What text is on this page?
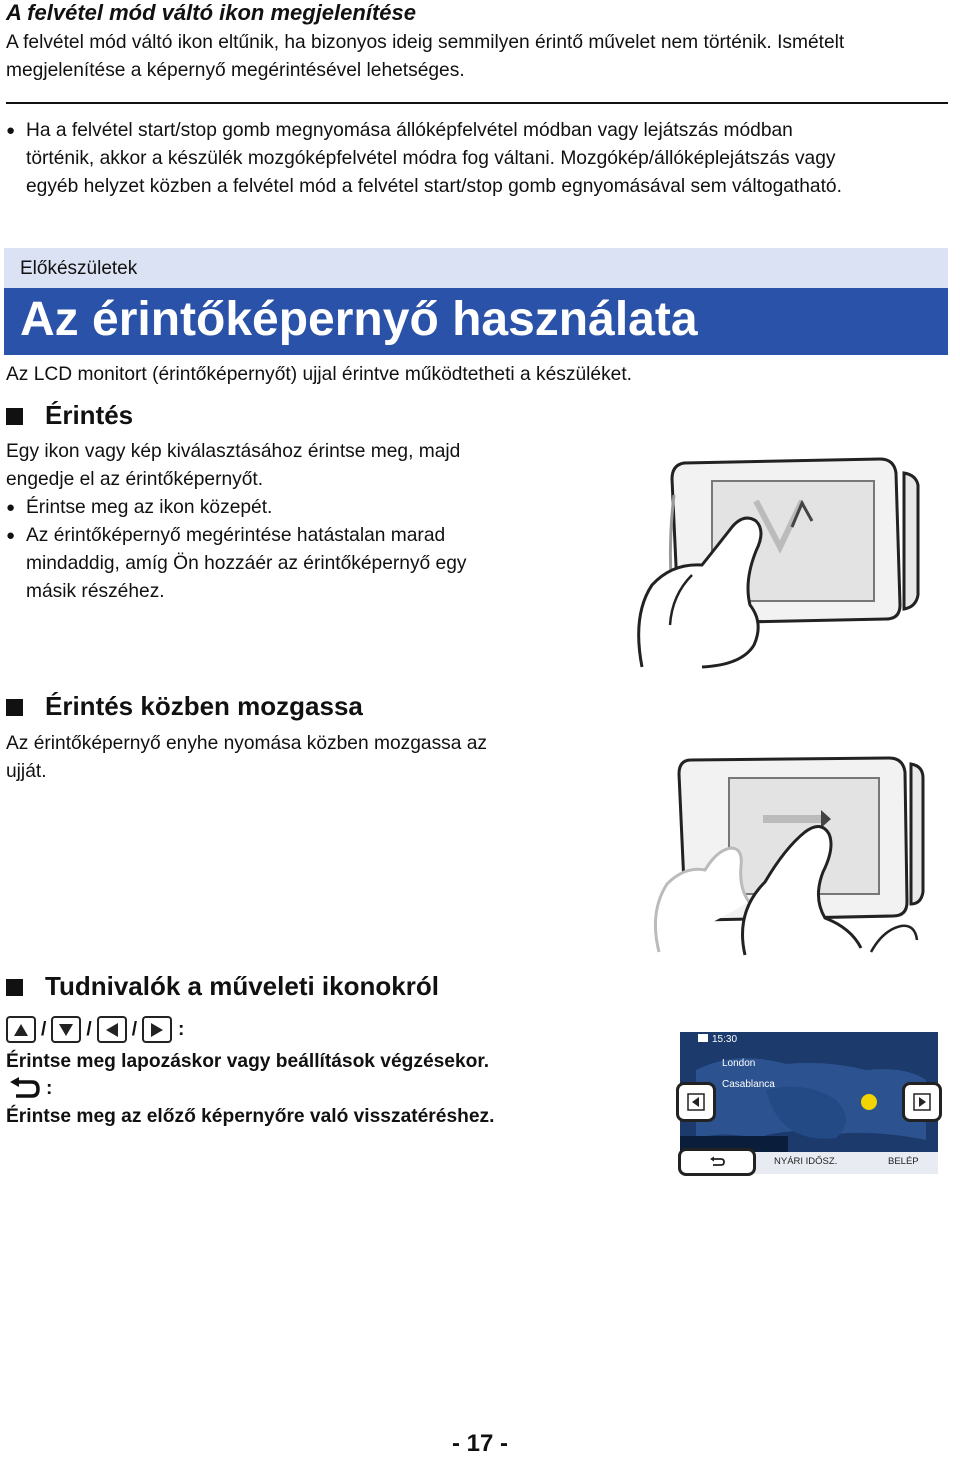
A felvétel mód váltó ikon megjelenítése
A felvétel mód váltó ikon eltűnik, ha bizonyos ideig semmilyen érintő művelet nem történik. Ismételt
megjelenítése a képernyő megérintésével lehetséges.
● Ha a felvétel start/stop gomb megnyomása állóképfelvétel módban vagy lejátszás módban
történik, akkor a készülék mozgóképfelvétel módra fog váltani. Mozgókép/állóképlejátszás vagy
egyéb helyzet közben a felvétel mód a felvétel start/stop gomb egnyomásával sem váltogatható.
Előkészületek
Az érintőképernyő használata
Az LCD monitort (érintőképernyőt) ujjal érintve működtetheti a készüléket.
Érintés
Egy ikon vagy kép kiválasztásához érintse meg, majd
engedje el az érintőképernyőt.
● Érintse meg az ikon közepét.
● Az érintőképernyő megérintése hatástalan marad
mindaddig, amíg Ön hozzáér az érintőképernyő egy
másik részéhez.
Érintés közben mozgassa
Az érintőképernyő enyhe nyomása közben mozgassa az
ujját.
Tudnivalók a műveleti ikonokról
/ / / :
Érintse meg lapozáskor vagy beállítások végzésekor.
:
Érintse meg az előző képernyőre való visszatéréshez.
15:30
London
Casablanca
NYÁRI IDŐSZ.	BELÉP
- 17 -
